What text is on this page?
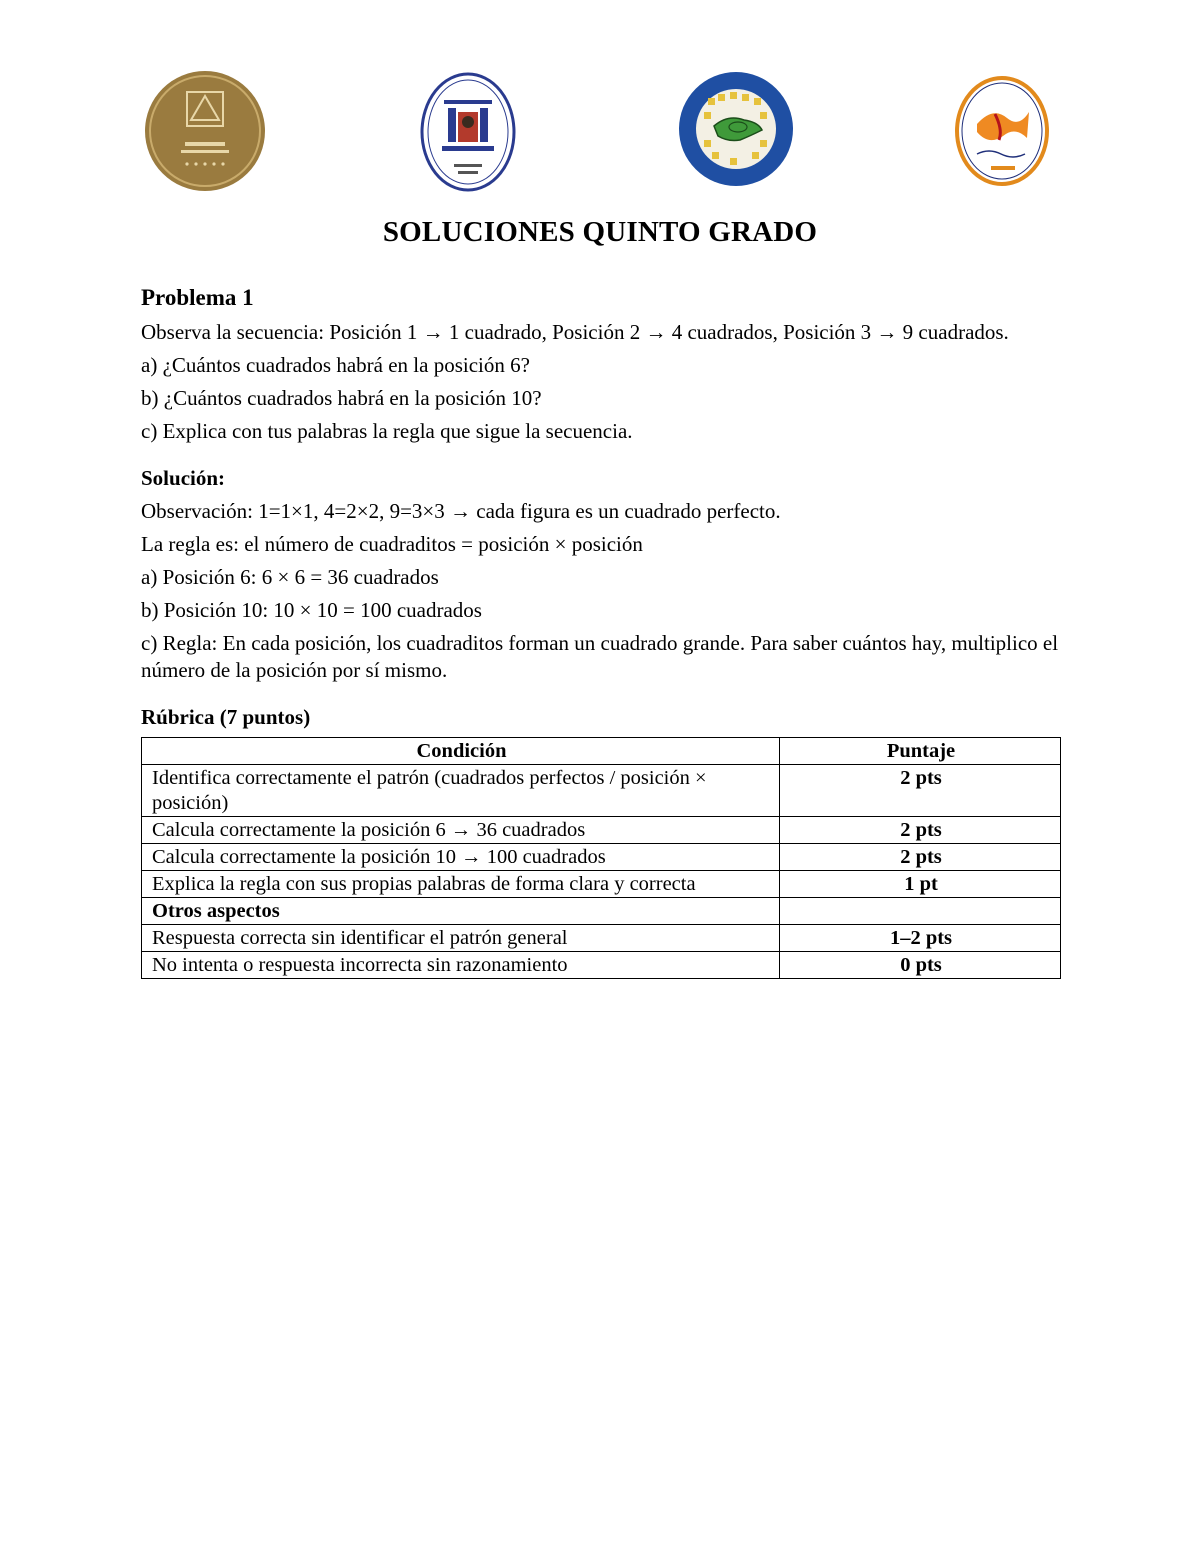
SOLUCIONES QUINTO GRADO
Problema 1

Observa la secuencia: Posición 1 → 1 cuadrado, Posición 2 → 4 cuadrados, Posición 3 → 9 cuadrados.

a) ¿Cuántos cuadrados habrá en la posición 6?

b) ¿Cuántos cuadrados habrá en la posición 10?

c) Explica con tus palabras la regla que sigue la secuencia.

Solución:

Observación: 1=1×1, 4=2×2, 9=3×3 → cada figura es un cuadrado perfecto.

La regla es: el número de cuadraditos = posición × posición

a) Posición 6: 6 × 6 = 36 cuadrados

b) Posición 10: 10 × 10 = 100 cuadrados

c) Regla: En cada posición, los cuadraditos forman un cuadrado grande. Para saber cuántos hay, multiplico el número de la posición por sí mismo.

Rúbrica (7 puntos)
Condición	Puntaje
Identifica correctamente el patrón (cuadrados perfectos / posición × posición)	2 pts
Calcula correctamente la posición 6 → 36 cuadrados	2 pts
Calcula correctamente la posición 10 → 100 cuadrados	2 pts
Explica la regla con sus propias palabras de forma clara y correcta	1 pt
Otros aspectos	
Respuesta correcta sin identificar el patrón general	1–2 pts
No intenta o respuesta incorrecta sin razonamiento	0 pts
